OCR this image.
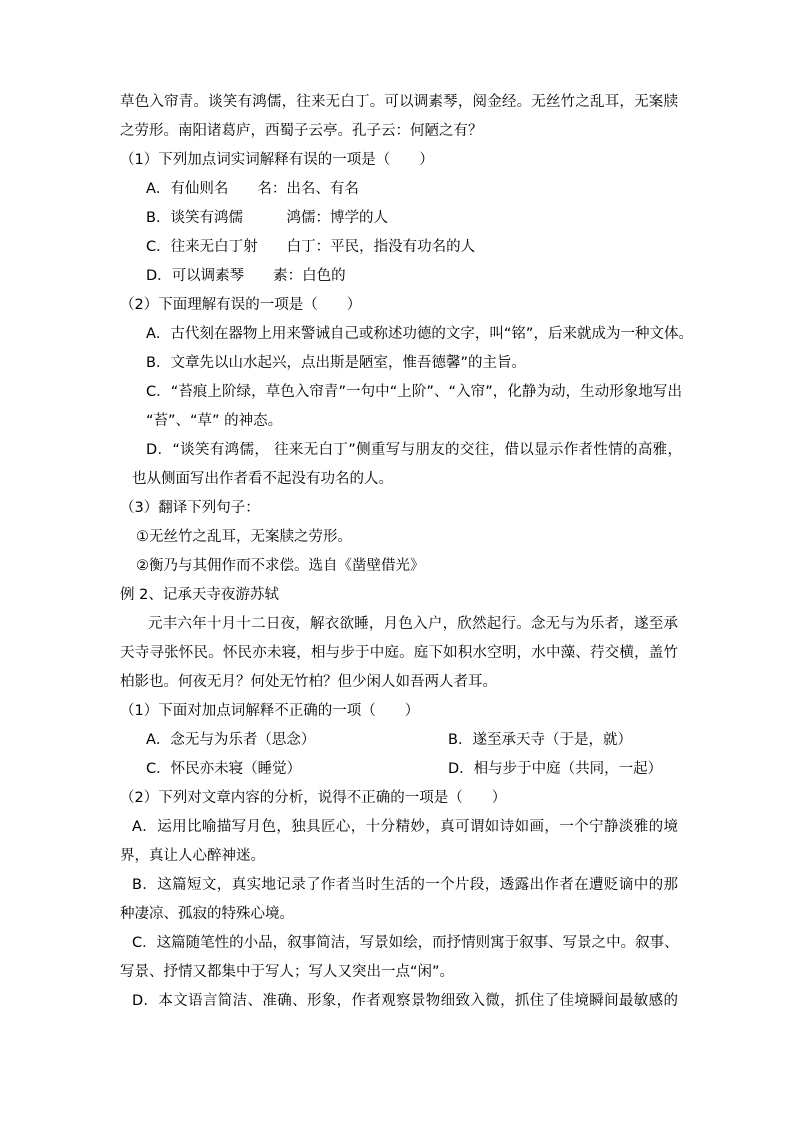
草色入帘青。谈笑有鸿儒，往来无白丁。可以调素琴，阅金经。无丝竹之乱耳，无案牍
之劳形。南阳诸葛庐，西蜀子云亭。孔子云：何陋之有？
（1）下列加点词实词解释有误的一项是（　　）
A．有仙则名　　名：出名、有名
B．谈笑有鸿儒　　　鸿儒：博学的人
C．往来无白丁射　　白丁：平民，指没有功名的人
D．可以调素琴　　素：白色的
（2）下面理解有误的一项是（　　）
A．古代刻在器物上用来警诫自己或称述功德的文字，叫“铭”，后来就成为一种文体。
B．文章先以山水起兴，点出斯是陋室，惟吾德馨”的主旨。
C．“苔痕上阶绿，草色入帘青”一句中“上阶”、“入帘”，化静为动，生动形象地写出
“苔”、“草” 的神态。
D．“谈笑有鸿儒， 往来无白丁”侧重写与朋友的交往，借以显示作者性情的高雅，
也从侧面写出作者看不起没有功名的人。
（3）翻译下列句子：
①无丝竹之乱耳，无案牍之劳形。
②衡乃与其佣作而不求偿。选自《凿壁借光》
例 2、记承天寺夜游苏轼
元丰六年十月十二日夜，解衣欲睡，月色入户，欣然起行。念无与为乐者，遂至承
天寺寻张怀民。怀民亦未寝，相与步于中庭。庭下如积水空明，水中藻、荇交横，盖竹
柏影也。何夜无月？何处无竹柏？但少闲人如吾两人者耳。
（1）下面对加点词解释不正确的一项（　　）
A．念无与为乐者（思念）	B．遂至承天寺（于是，就）
C．怀民亦未寝（睡觉）	D．相与步于中庭（共同，一起）
（2）下列对文章内容的分析，说得不正确的一项是（　　）
A．运用比喻描写月色，独具匠心，十分精妙，真可谓如诗如画，一个宁静淡雅的境
界，真让人心醉神迷。
B．这篇短文，真实地记录了作者当时生活的一个片段，透露出作者在遭贬谪中的那
种凄凉、孤寂的特殊心境。
C．这篇随笔性的小品，叙事简洁，写景如绘，而抒情则寓于叙事、写景之中。叙事、
写景、抒情又都集中于写人；写人又突出一点“闲”。
D．本文语言简洁、准确、形象，作者观察景物细致入微，抓住了佳境瞬间最敏感的
